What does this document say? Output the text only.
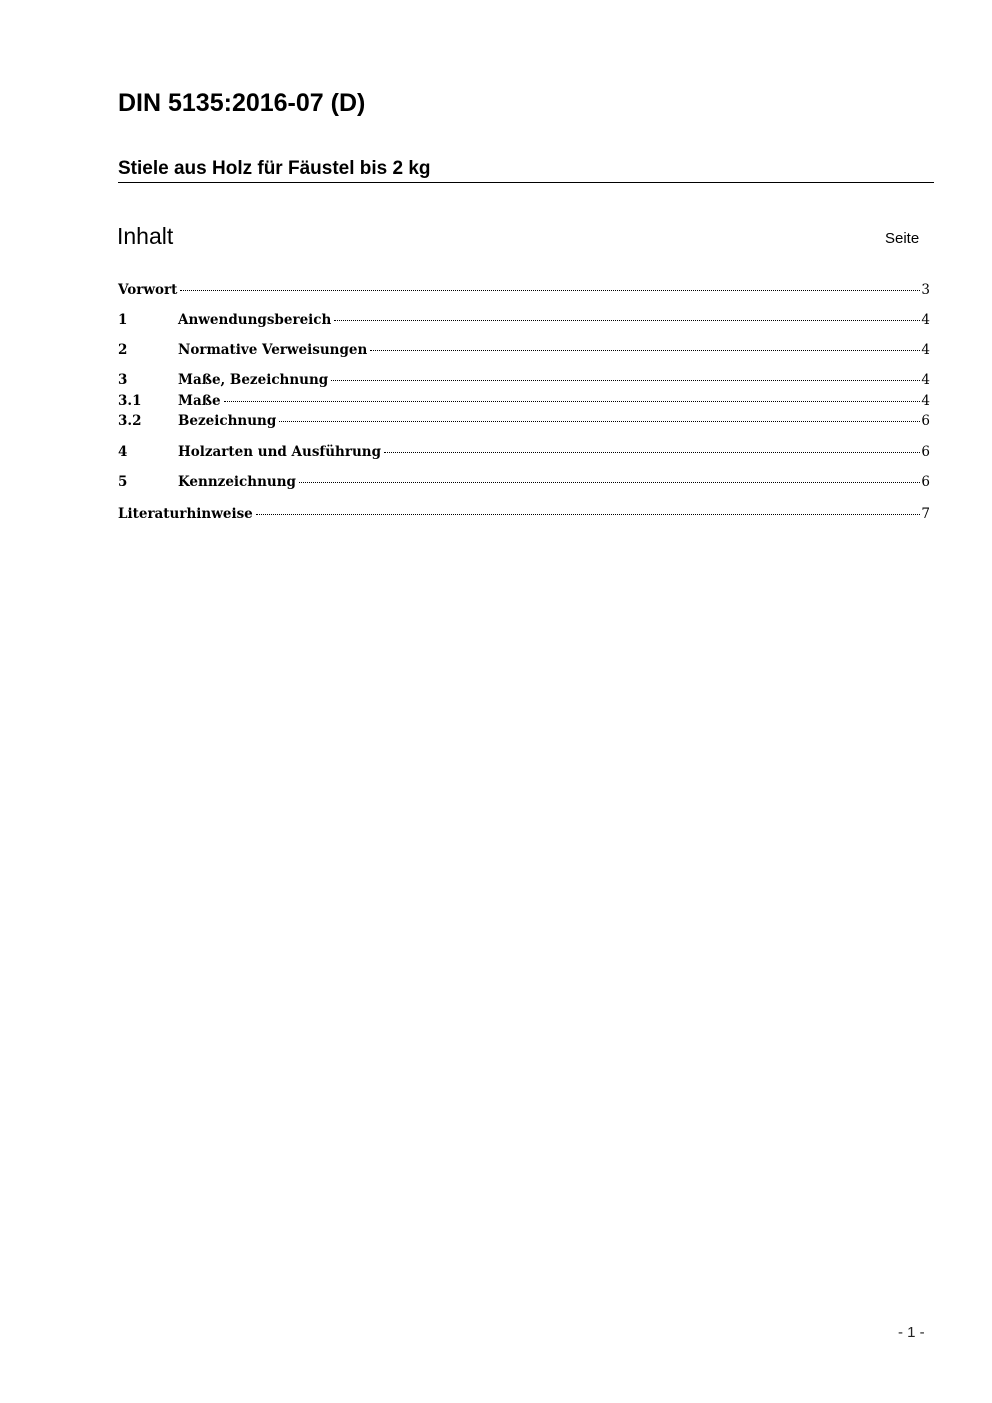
DIN 5135:2016-07 (D)
Stiele aus Holz für Fäustel bis 2 kg
Inhalt	Seite
Vorwort	3
1	Anwendungsbereich	4
2	Normative Verweisungen	4
3	Maße, Bezeichnung	4
3.1	Maße	4
3.2	Bezeichnung	6
4	Holzarten und Ausführung	6
5	Kennzeichnung	6
Literaturhinweise	7
- 1 -
